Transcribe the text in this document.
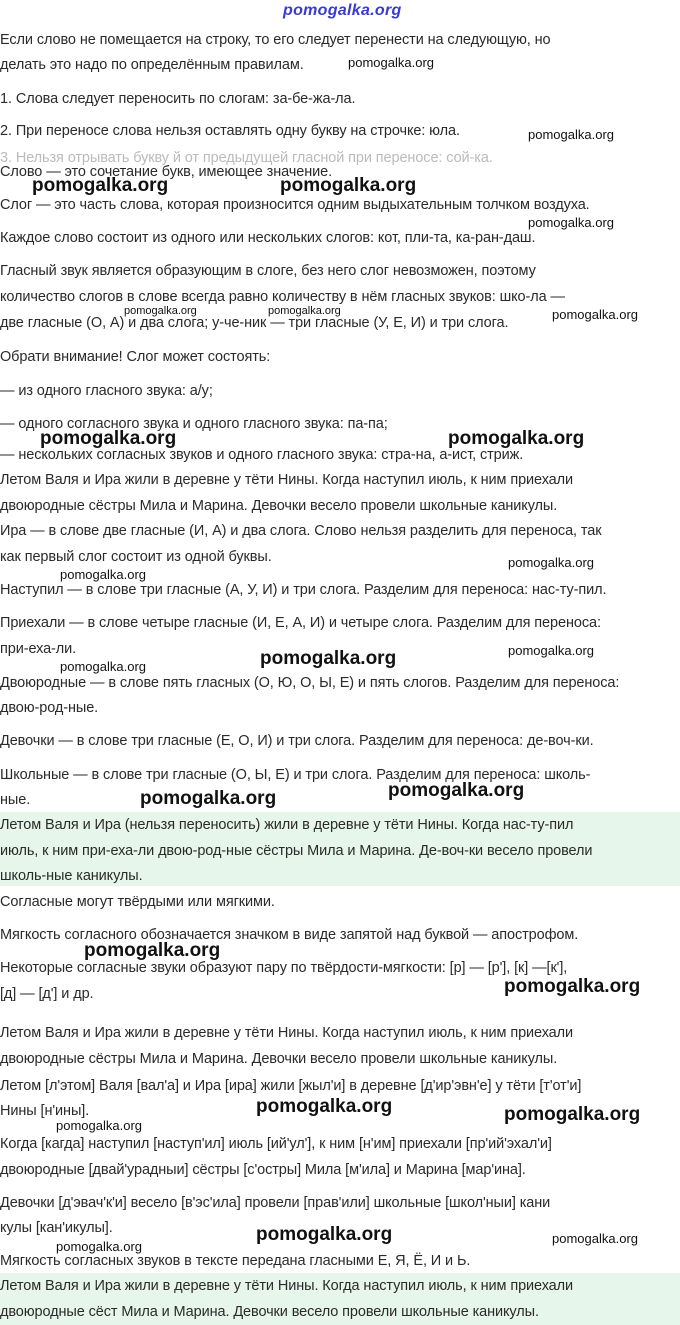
pomogalka.org
Если слово не помещается на строку, то его следует перенести на следующую, но
делать это надо по определённым правилам.
1. Слова следует переносить по слогам: за-бе-жа-ла.
2. При переносе слова нельзя оставлять одну букву на строчке: юла.
3. Нельзя отрывать букву й от предыдущей гласной при переносе: сой-ка.
Слово — это сочетание букв, имеющее значение.
Слог — это часть слова, которая произносится одним выдыхательным толчком воздуха.
Каждое слово состоит из одного или нескольких слогов: кот, пли-та, ка-ран-даш.
Гласный звук является образующим в слоге, без него слог невозможен, поэтому
количество слогов в слове всегда равно количеству в нём гласных звуков: шко-ла —
две гласные (О, А) и два слога; у-че-ник — три гласные (У, Е, И) и три слога.
Обрати внимание! Слог может состоять:
— из одного гласного звука: а/у;
— одного согласного звука и одного гласного звука: па-па;
— нескольких согласных звуков и одного гласного звука: стра-на, а-ист, стриж.
Летом Валя и Ира жили в деревне у тёти Нины. Когда наступил июль, к ним приехали
двоюродные сёстры Мила и Марина. Девочки весело провели школьные каникулы.
Ира — в слове две гласные (И, А) и два слога. Слово нельзя разделить для переноса, так
как первый слог состоит из одной буквы.
Наступил — в слове три гласные (А, У, И) и три слога. Разделим для переноса: нас-ту-пил.
Приехали — в слове четыре гласные (И, Е, А, И) и четыре слога. Разделим для переноса:
при-еха-ли.
Двоюродные — в слове пять гласных (О, Ю, О, Ы, Е) и пять слогов. Разделим для переноса:
двою-род-ные.
Девочки — в слове три гласные (Е, О, И) и три слога. Разделим для переноса: де-воч-ки.
Школьные — в слове три гласные (О, Ы, Е) и три слога. Разделим для переноса: школь-
ные.
Летом Валя и Ира (нельзя переносить) жили в деревне у тёти Нины. Когда нас-ту-пил
июль, к ним при-еха-ли двою-род-ные сёстры Мила и Марина. Де-воч-ки весело провели
школь-ные каникулы.
Согласные могут твёрдыми или мягкими.
Мягкость согласного обозначается значком в виде запятой над буквой — апострофом.
Некоторые согласные звуки образуют пару по твёрдости-мягкости: [р] — [р'], [к] —[к'],
[д] — [д'] и др.
Летом Валя и Ира жили в деревне у тёти Нины. Когда наступил июль, к ним приехали
двоюродные сёстры Мила и Марина. Девочки весело провели школьные каникулы.
Летом [л'этом] Валя [вал'а] и Ира [ира] жили [жыл'и] в деревне [д'ир'эвн'е] у тёти [т'от'и]
Нины [н'ины].
Когда [кагда] наступил [наступ'ил] июль [ий'ул'], к ним [н'им] приехали [пр'ий'эхал'и]
двоюродные [двай'урадныи] сёстры [с'остры] Мила [м'ила] и Марина [мар'ина].
Девочки [д'эвач'к'и] весело [в'эс'ила] провели [прав'или] школьные [школ'ныи] кани
кулы [кан'икулы].
Мягкость согласных звуков в тексте передана гласными Е, Я, Ё, И и Ь.
Летом Валя и Ира жили в деревне у тёти Нины. Когда наступил июль, к ним приехали
двоюродные сёст Мила и Марина. Девочки весело провели школьные каникулы.
pomogalka.org
pomogalka.org
pomogalka.org	pomogalka.org
pomogalka.org
pomogalka.org	pomogalka.org	pomogalka.org
pomogalka.org	pomogalka.org
pomogalka.org
pomogalka.org
pomogalka.org
pomogalka.org
pomogalka.org
pomogalka.org
pomogalka.org
pomogalka.org
pomogalka.org
pomogalka.org	pomogalka.org
pomogalka.org
pomogalka.org	pomogalka.org
pomogalka.org
